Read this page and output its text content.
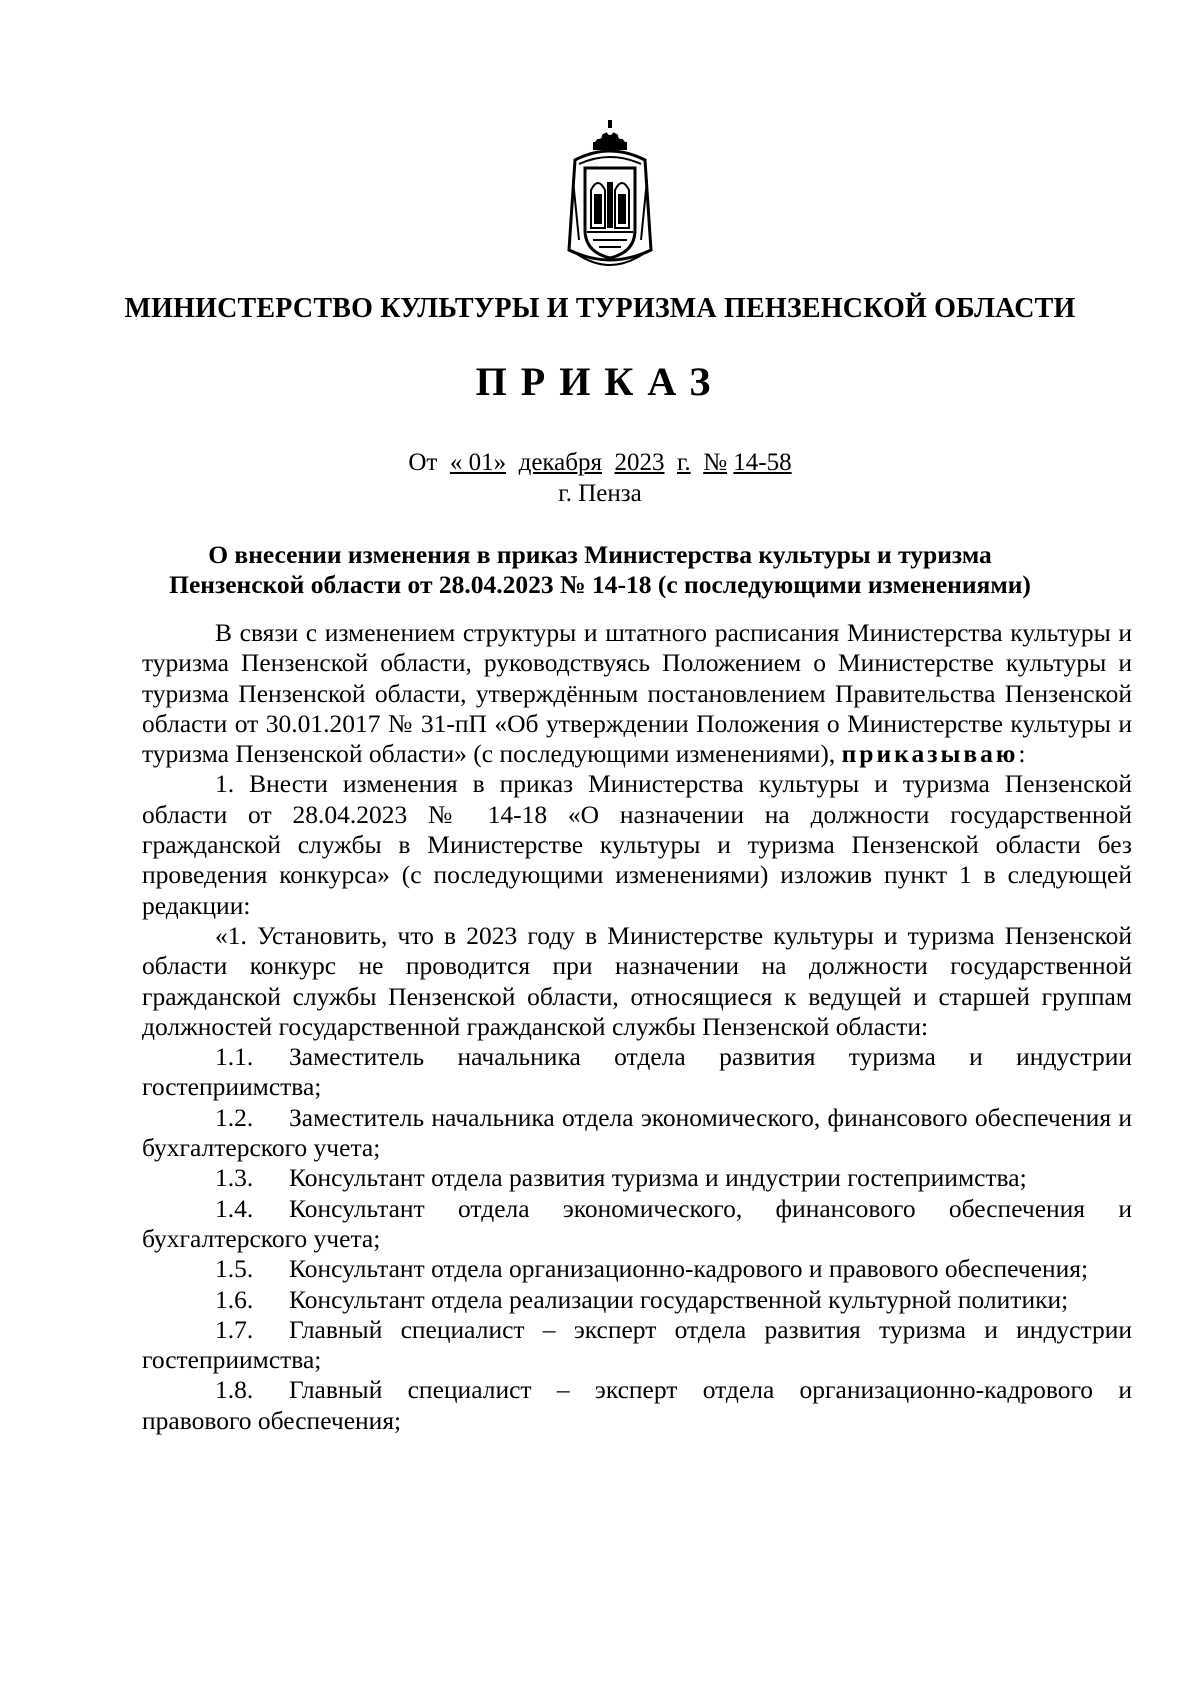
МИНИСТЕРСТВО КУЛЬТУРЫ И ТУРИЗМА ПЕНЗЕНСКОЙ ОБЛАСТИ
ПРИКАЗ
От « 01» декабря 2023 г. № 14-58
г. Пенза
О внесении изменения в приказ Министерства культуры и туризма
Пензенской области от 28.04.2023 № 14-18 (с последующими изменениями)

В связи с изменением структуры и штатного расписания Министерства культуры и туризма Пензенской области, руководствуясь Положением о Министерстве культуры и туризма Пензенской области, утверждённым постановлением Правительства Пензенской области от 30.01.2017 № 31-пП «Об утверждении Положения о Министерстве культуры и туризма Пензенской области» (с последующими изменениями), приказываю:

1. Внести изменения в приказ Министерства культуры и туризма Пензенской области от 28.04.2023 № 14-18 «О назначении на должности государственной гражданской службы в Министерстве культуры и туризма Пензенской области без проведения конкурса» (с последующими изменениями) изложив пункт 1 в следующей редакции:

«1. Установить, что в 2023 году в Министерстве культуры и туризма Пензенской области конкурс не проводится при назначении на должности государственной гражданской службы Пензенской области, относящиеся к ведущей и старшей группам должностей государственной гражданской службы Пензенской области:

1.1. Заместитель начальника отдела развития туризма и индустрии гостеприимства;

1.2. Заместитель начальника отдела экономического, финансового обеспечения и бухгалтерского учета;

1.3. Консультант отдела развития туризма и индустрии гостеприимства;

1.4. Консультант отдела экономического, финансового обеспечения и бухгалтерского учета;

1.5. Консультант отдела организационно-кадрового и правового обеспечения;

1.6. Консультант отдела реализации государственной культурной политики;

1.7. Главный специалист – эксперт отдела развития туризма и индустрии гостеприимства;

1.8. Главный специалист – эксперт отдела организационно-кадрового и правового обеспечения;
